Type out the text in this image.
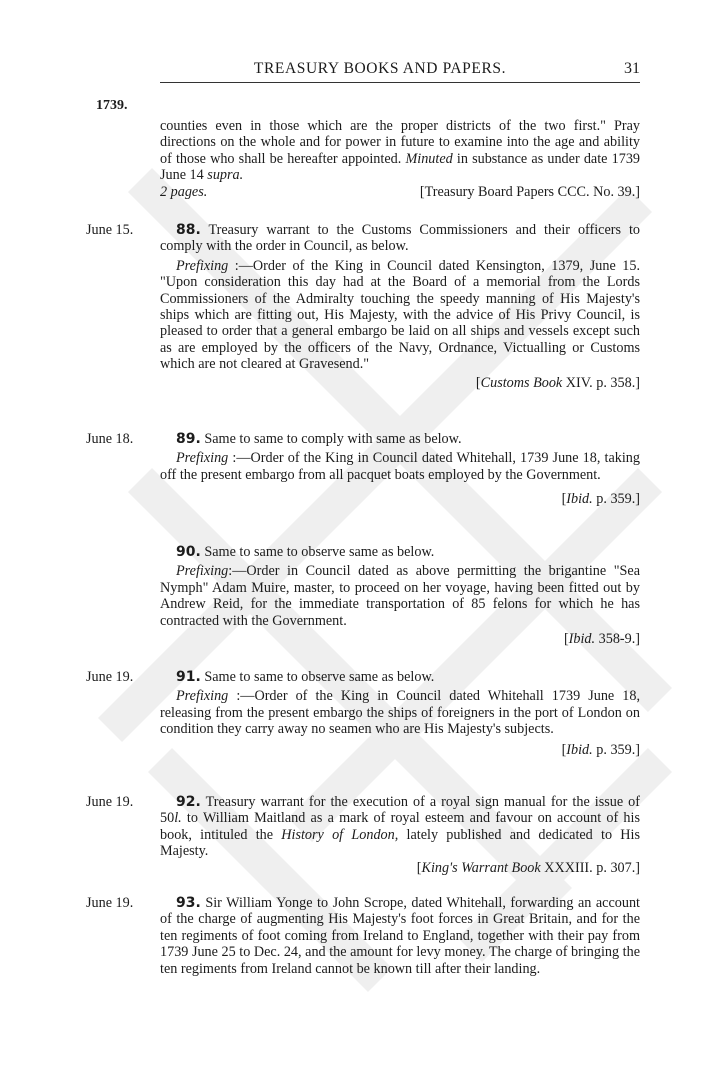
TREASURY BOOKS AND PAPERS.	31
1739.

counties even in those which are the proper districts of the two first." Pray directions on the whole and for power in future to examine into the age and ability of those who shall be hereafter appointed. Minuted in substance as under date 1739 June 14 supra.

2 pages.	[Treasury Board Papers CCC. No. 39.]
June 15.	88. Treasury warrant to the Customs Commissioners and their officers to comply with the order in Council, as below.

Prefixing :—Order of the King in Council dated Kensington, 1379, June 15. "Upon consideration this day had at the Board of a memorial from the Lords Commissioners of the Admiralty touching the speedy manning of His Majesty's ships which are fitting out, His Majesty, with the advice of His Privy Council, is pleased to order that a general embargo be laid on all ships and vessels except such as are employed by the officers of the Navy, Ordnance, Victualling or Customs which are not cleared at Gravesend."

[Customs Book XIV. p. 358.]

June 18.	89. Same to same to comply with same as below.

Prefixing :—Order of the King in Council dated Whitehall, 1739 June 18, taking off the present embargo from all pacquet boats employed by the Government.

[Ibid. p. 359.]

90. Same to same to observe same as below.

Prefixing:—Order in Council dated as above permitting the brigantine "Sea Nymph" Adam Muire, master, to proceed on her voyage, having been fitted out by Andrew Reid, for the immediate transportation of 85 felons for which he has contracted with the Government.

[Ibid. 358-9.]

June 19.	91. Same to same to observe same as below.

Prefixing :—Order of the King in Council dated Whitehall 1739 June 18, releasing from the present embargo the ships of foreigners in the port of London on condition they carry away no seamen who are His Majesty's subjects.

[Ibid. p. 359.]

June 19.	92. Treasury warrant for the execution of a royal sign manual for the issue of 50l. to William Maitland as a mark of royal esteem and favour on account of his book, intituled the History of London, lately published and dedicated to His Majesty.

[King's Warrant Book XXXIII. p. 307.]

June 19.	93. Sir William Yonge to John Scrope, dated Whitehall, forwarding an account of the charge of augmenting His Majesty's foot forces in Great Britain, and for the ten regiments of foot coming from Ireland to England, together with their pay from 1739 June 25 to Dec. 24, and the amount for levy money. The charge of bringing the ten regiments from Ireland cannot be known till after their landing.
